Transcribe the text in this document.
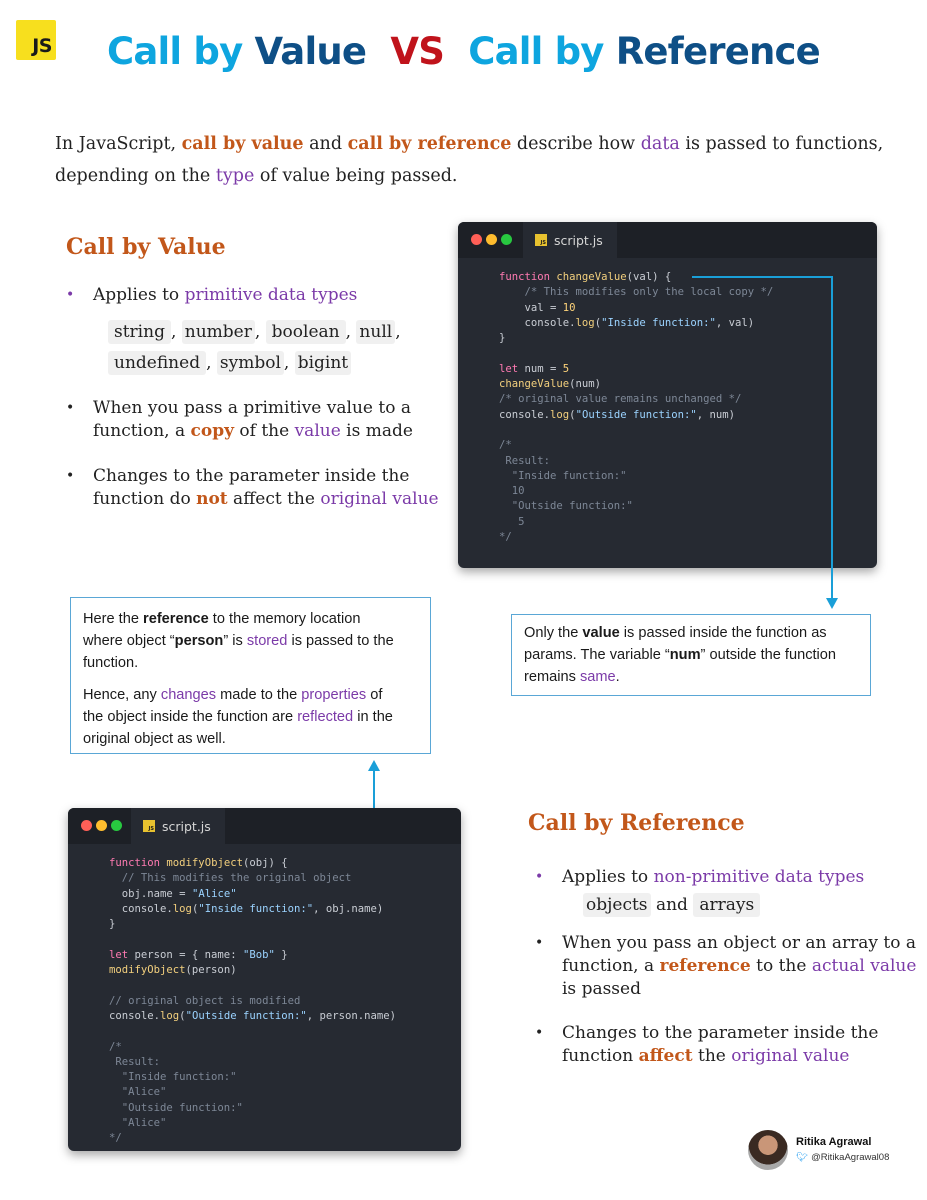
JS	Call by Value VS Call by Reference
In JavaScript, call by value and call by reference describe how data is passed to functions,
depending on the type of value being passed.
Call by Value
• Applies to primitive data types
string , number , boolean , null ,
undefined , symbol , bigint
• When you pass a primitive value to a
function, a copy of the value is made
• Changes to the parameter inside the
function do not affect the original value
JS
script.js
function changeValue(val) {
/* This modifies only the local copy */
val = 10
console.log("Inside function:", val)
}

let num = 5
changeValue(num)
/* original value remains unchanged */
console.log("Outside function:", num)

/*
Result:
"Inside function:"
10
"Outside function:"
5
*/
Only the value is passed inside the function as
params. The variable “num” outside the function
remains same.

Here the reference to the memory location
where object “person” is stored is passed to the
function.

Hence, any changes made to the properties of
the object inside the function are reflected in the
original object as well.

JS
script.js
function modifyObject(obj) {
// This modifies the original object
obj.name = "Alice"
console.log("Inside function:", obj.name)
}

let person = { name: "Bob" }
modifyObject(person)

// original object is modified
console.log("Outside function:", person.name)

/*
Result:
"Inside function:"
"Alice"
"Outside function:"
"Alice"
*/
Call by Reference
• Applies to non-primitive data types
objects and arrays
• When you pass an object or an array to a
function, a reference to the actual value
is passed
• Changes to the parameter inside the
function affect the original value
Ritika Agrawal
🐦︎ @RitikaAgrawal08
